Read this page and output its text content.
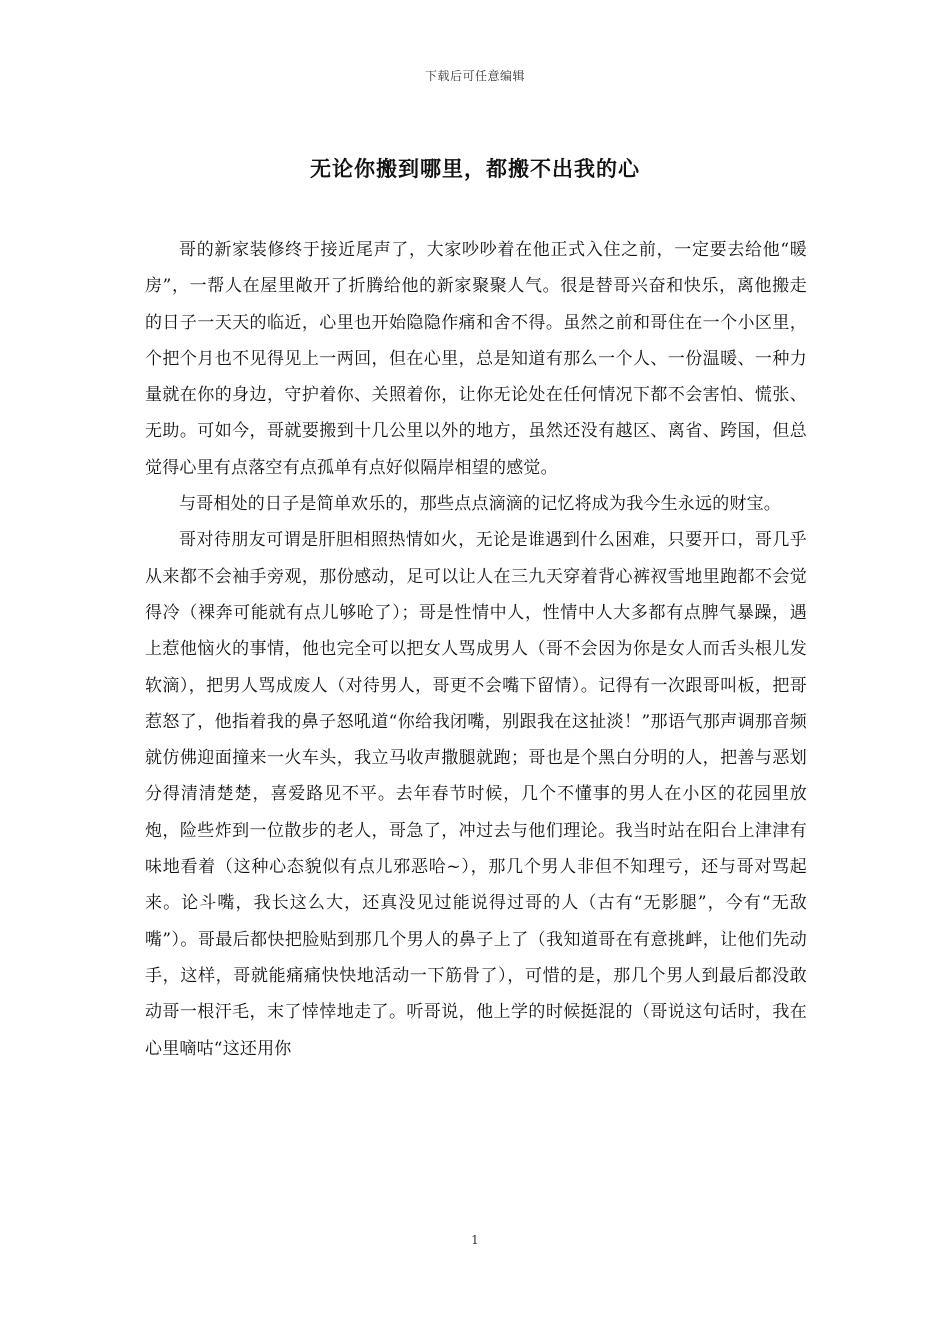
下载后可任意编辑
无论你搬到哪里，都搬不出我的心

哥的新家装修终于接近尾声了，大家吵吵着在他正式入住之前，一定要去给他“暖房”，一帮人在屋里敞开了折腾给他的新家聚聚人气。很是替哥兴奋和快乐，离他搬走的日子一天天的临近，心里也开始隐隐作痛和舍不得。虽然之前和哥住在一个小区里，个把个月也不见得见上一两回，但在心里，总是知道有那么一个人、一份温暖、一种力量就在你的身边，守护着你、关照着你，让你无论处在任何情况下都不会害怕、慌张、无助。可如今，哥就要搬到十几公里以外的地方，虽然还没有越区、离省、跨国，但总觉得心里有点落空有点孤单有点好似隔岸相望的感觉。

与哥相处的日子是简单欢乐的，那些点点滴滴的记忆将成为我今生永远的财宝。

哥对待朋友可谓是肝胆相照热情如火，无论是谁遇到什么困难，只要开口，哥几乎从来都不会袖手旁观，那份感动，足可以让人在三九天穿着背心裤衩雪地里跑都不会觉得冷（裸奔可能就有点儿够呛了）；哥是性情中人，性情中人大多都有点脾气暴躁，遇上惹他恼火的事情，他也完全可以把女人骂成男人（哥不会因为你是女人而舌头根儿发软滴），把男人骂成废人（对待男人，哥更不会嘴下留情）。记得有一次跟哥叫板，把哥惹怒了，他指着我的鼻子怒吼道“你给我闭嘴，别跟我在这扯淡！”那语气那声调那音频就仿佛迎面撞来一火车头，我立马收声撒腿就跑；哥也是个黑白分明的人，把善与恶划分得清清楚楚，喜爱路见不平。去年春节时候，几个不懂事的男人在小区的花园里放炮，险些炸到一位散步的老人，哥急了，冲过去与他们理论。我当时站在阳台上津津有味地看着（这种心态貌似有点儿邪恶哈~），那几个男人非但不知理亏，还与哥对骂起来。论斗嘴，我长这么大，还真没见过能说得过哥的人（古有“无影腿”，今有“无敌嘴”）。哥最后都快把脸贴到那几个男人的鼻子上了（我知道哥在有意挑衅，让他们先动手，这样，哥就能痛痛快快地活动一下筋骨了），可惜的是，那几个男人到最后都没敢动哥一根汗毛，末了悻悻地走了。听哥说，他上学的时候挺混的（哥说这句话时，我在心里嘀咕“这还用你

1
